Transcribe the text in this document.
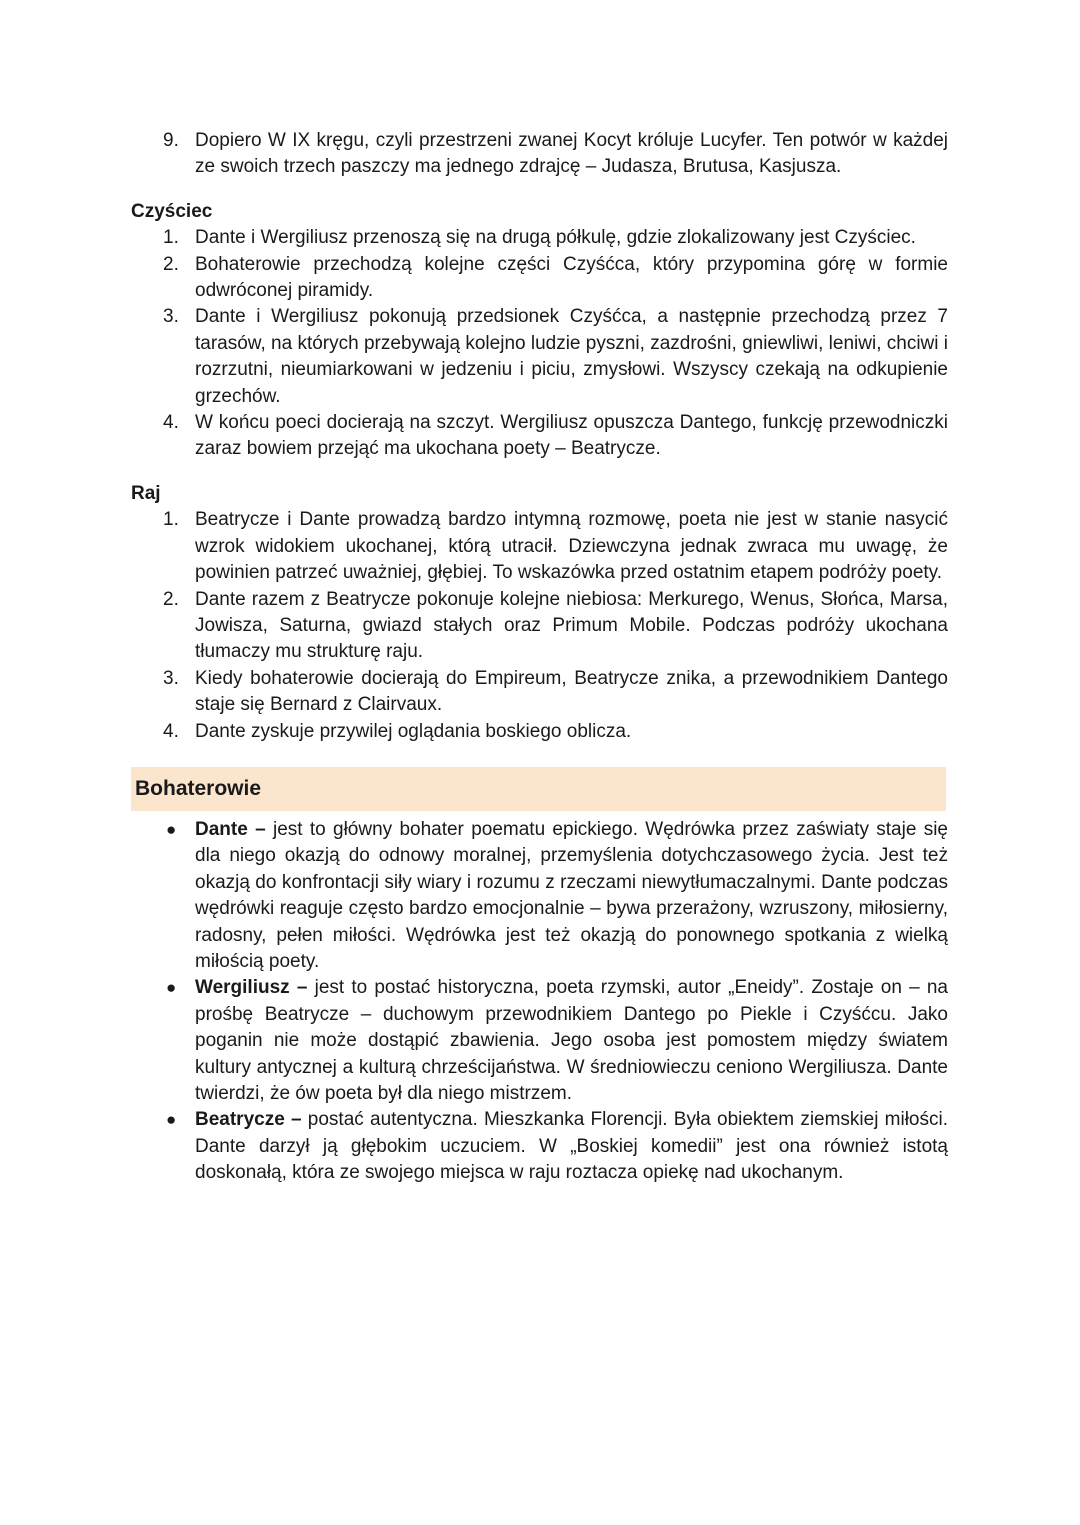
9. Dopiero W IX kręgu, czyli przestrzeni zwanej Kocyt króluje Lucyfer. Ten potwór w każdej ze swoich trzech paszczy ma jednego zdrajcę – Judasza, Brutusa, Kasjusza.
Czyściec
1. Dante i Wergiliusz przenoszą się na drugą półkulę, gdzie zlokalizowany jest Czyściec.
2. Bohaterowie przechodzą kolejne części Czyśćca, który przypomina górę w formie odwróconej piramidy.
3. Dante i Wergiliusz pokonują przedsionek Czyśćca, a następnie przechodzą przez 7 tarasów, na których przebywają kolejno ludzie pyszni, zazdrośni, gniewliwi, leniwi, chciwi i rozrzutni, nieumiarkowani w jedzeniu i piciu, zmysłowi. Wszyscy czekają na odkupienie grzechów.
4. W końcu poeci docierają na szczyt. Wergiliusz opuszcza Dantego, funkcję przewodniczki zaraz bowiem przejąć ma ukochana poety – Beatrycze.
Raj
1. Beatrycze i Dante prowadzą bardzo intymną rozmowę, poeta nie jest w stanie nasycić wzrok widokiem ukochanej, którą utracił. Dziewczyna jednak zwraca mu uwagę, że powinien patrzeć uważniej, głębiej. To wskazówka przed ostatnim etapem podróży poety.
2. Dante razem z Beatrycze pokonuje kolejne niebiosa: Merkurego, Wenus, Słońca, Marsa, Jowisza, Saturna, gwiazd stałych oraz Primum Mobile. Podczas podróży ukochana tłumaczy mu strukturę raju.
3. Kiedy bohaterowie docierają do Empireum, Beatrycze znika, a przewodnikiem Dantego staje się Bernard z Clairvaux.
4. Dante zyskuje przywilej oglądania boskiego oblicza.
Bohaterowie
● Dante – jest to główny bohater poematu epickiego. Wędrówka przez zaświaty staje się dla niego okazją do odnowy moralnej, przemyślenia dotychczasowego życia. Jest też okazją do konfrontacji siły wiary i rozumu z rzeczami niewytłumaczalnymi. Dante podczas wędrówki reaguje często bardzo emocjonalnie – bywa przerażony, wzruszony, miłosierny, radosny, pełen miłości. Wędrówka jest też okazją do ponownego spotkania z wielką miłością poety.
● Wergiliusz – jest to postać historyczna, poeta rzymski, autor „Eneidy”. Zostaje on – na prośbę Beatrycze – duchowym przewodnikiem Dantego po Piekle i Czyśćcu. Jako poganin nie może dostąpić zbawienia. Jego osoba jest pomostem między światem kultury antycznej a kulturą chrześcijaństwa. W średniowieczu ceniono Wergiliusza. Dante twierdzi, że ów poeta był dla niego mistrzem.
● Beatrycze – postać autentyczna. Mieszkanka Florencji. Była obiektem ziemskiej miłości. Dante darzył ją głębokim uczuciem. W „Boskiej komedii” jest ona również istotą doskonałą, która ze swojego miejsca w raju roztacza opiekę nad ukochanym.
